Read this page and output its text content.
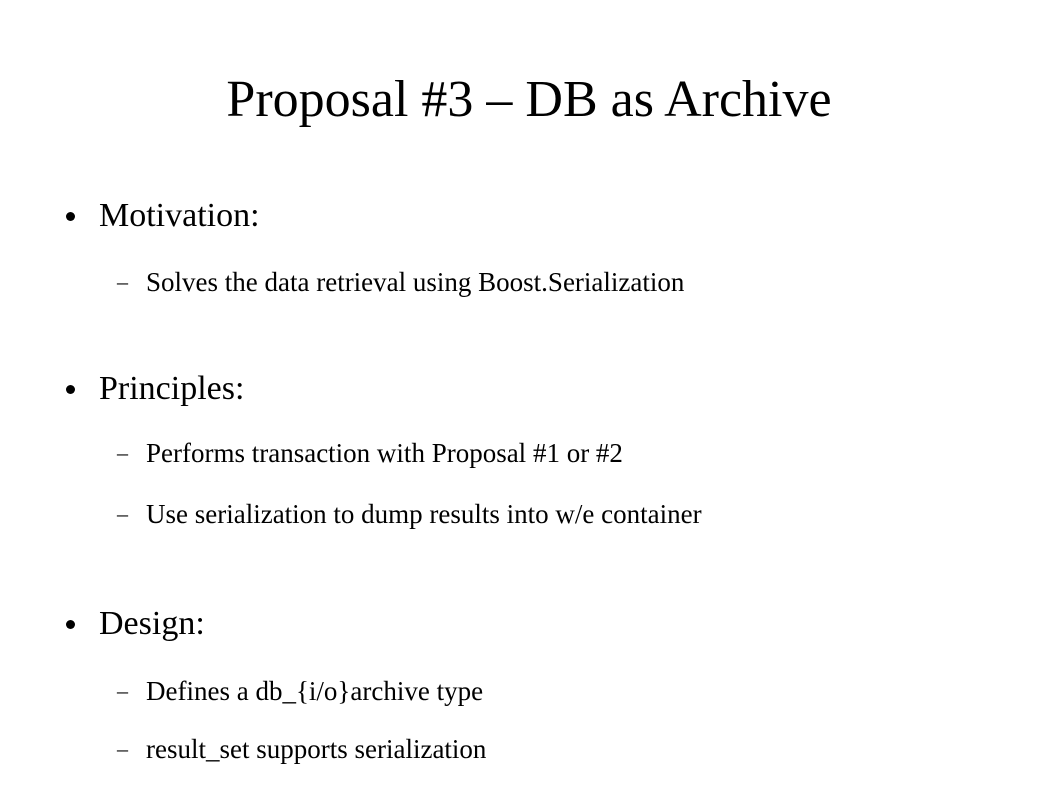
Proposal #3 – DB as Archive
Motivation:
– Solves the data retrieval using Boost.Serialization
Principles:
– Performs transaction with Proposal #1 or #2
– Use serialization to dump results into w/e container
Design:
– Defines a db_{i/o}archive type
– result_set supports serialization
